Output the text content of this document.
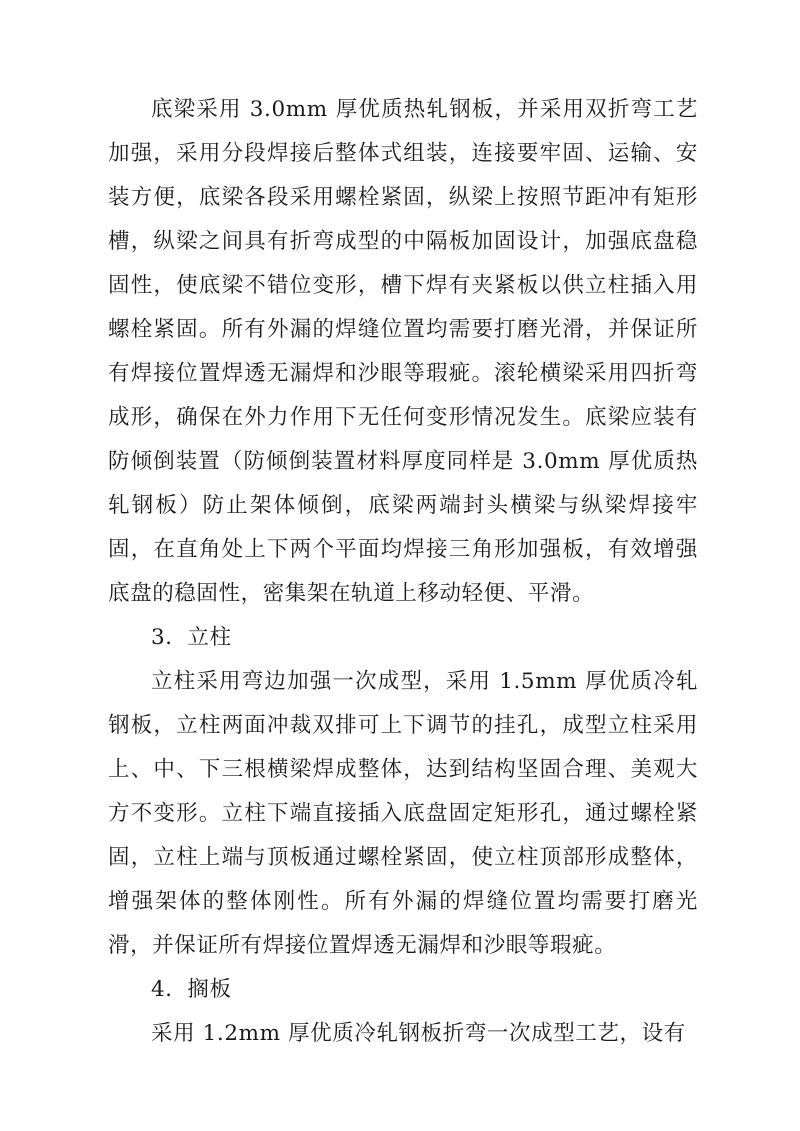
底梁采用 3.0mm 厚优质热轧钢板，并采用双折弯工艺加强，采用分段焊接后整体式组装，连接要牢固、运输、安装方便，底梁各段采用螺栓紧固，纵梁上按照节距冲有矩形槽，纵梁之间具有折弯成型的中隔板加固设计，加强底盘稳固性，使底梁不错位变形，槽下焊有夹紧板以供立柱插入用螺栓紧固。所有外漏的焊缝位置均需要打磨光滑，并保证所有焊接位置焊透无漏焊和沙眼等瑕疵。滚轮横梁采用四折弯成形，确保在外力作用下无任何变形情况发生。底梁应装有防倾倒装置（防倾倒装置材料厚度同样是 3.0mm 厚优质热轧钢板）防止架体倾倒，底梁两端封头横梁与纵梁焊接牢固，在直角处上下两个平面均焊接三角形加强板，有效增强底盘的稳固性，密集架在轨道上移动轻便、平滑。

3．立柱

立柱采用弯边加强一次成型，采用 1.5mm 厚优质冷轧钢板，立柱两面冲裁双排可上下调节的挂孔，成型立柱采用上、中、下三根横梁焊成整体，达到结构坚固合理、美观大方不变形。立柱下端直接插入底盘固定矩形孔，通过螺栓紧固，立柱上端与顶板通过螺栓紧固，使立柱顶部形成整体，增强架体的整体刚性。所有外漏的焊缝位置均需要打磨光滑，并保证所有焊接位置焊透无漏焊和沙眼等瑕疵。

4．搁板

采用 1.2mm 厚优质冷轧钢板折弯一次成型工艺，设有
